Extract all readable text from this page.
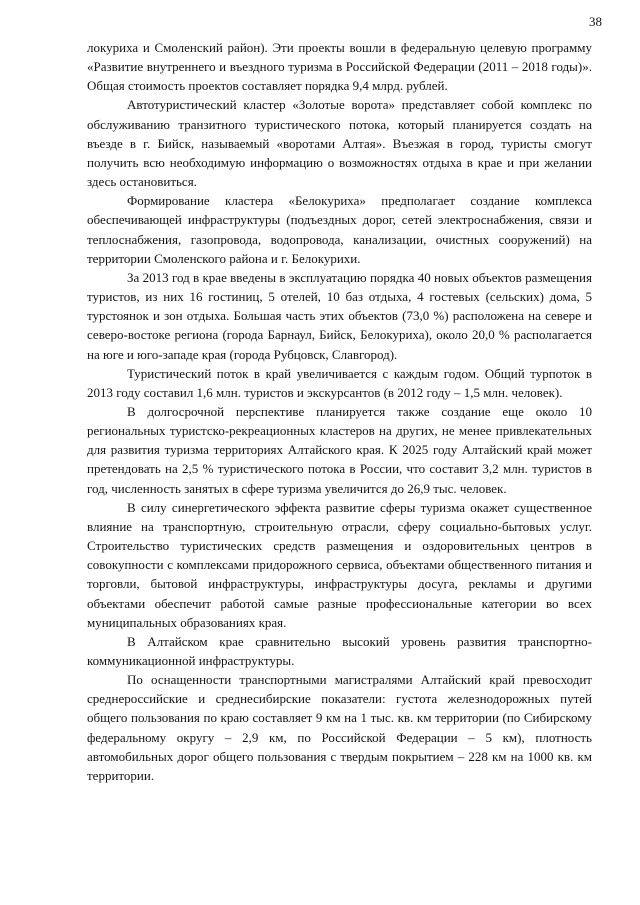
38

локуриха и Смоленский район). Эти проекты вошли в федеральную целевую программу «Развитие внутреннего и въездного туризма в Российской Федерации (2011 – 2018 годы)». Общая стоимость проектов составляет порядка 9,4 млрд. рублей.

Автотуристический кластер «Золотые ворота» представляет собой комплекс по обслуживанию транзитного туристического потока, который планируется создать на въезде в г. Бийск, называемый «воротами Алтая». Въезжая в город, туристы смогут получить всю необходимую информацию о возможностях отдыха в крае и при желании здесь остановиться.

Формирование кластера «Белокуриха» предполагает создание комплекса обеспечивающей инфраструктуры (подъездных дорог, сетей электроснабжения, связи и теплоснабжения, газопровода, водопровода, канализации, очистных сооружений) на территории Смоленского района и г. Белокурихи.

За 2013 год в крае введены в эксплуатацию порядка 40 новых объектов размещения туристов, из них 16 гостиниц, 5 отелей, 10 баз отдыха, 4 гостевых (сельских) дома, 5 турстоянок и зон отдыха. Большая часть этих объектов (73,0 %) расположена на севере и северо-востоке региона (города Барнаул, Бийск, Белокуриха), около 20,0 % располагается на юге и юго-западе края (города Рубцовск, Славгород).

Туристический поток в край увеличивается с каждым годом. Общий турпоток в 2013 году составил 1,6 млн. туристов и экскурсантов (в 2012 году – 1,5 млн. человек).

В долгосрочной перспективе планируется также создание еще около 10 региональных туристско-рекреационных кластеров на других, не менее привлекательных для развития туризма территориях Алтайского края. К 2025 году Алтайский край может претендовать на 2,5 % туристического потока в России, что составит 3,2 млн. туристов в год, численность занятых в сфере туризма увеличится до 26,9 тыс. человек.

В силу синергетического эффекта развитие сферы туризма окажет существенное влияние на транспортную, строительную отрасли, сферу социально-бытовых услуг. Строительство туристических средств размещения и оздоровительных центров в совокупности с комплексами придорожного сервиса, объектами общественного питания и торговли, бытовой инфраструктуры, инфраструктуры досуга, рекламы и другими объектами обеспечит работой самые разные профессиональные категории во всех муниципальных образованиях края.

В Алтайском крае сравнительно высокий уровень развития транспортно-коммуникационной инфраструктуры.

По оснащенности транспортными магистралями Алтайский край превосходит среднероссийские и среднесибирские показатели: густота железнодорожных путей общего пользования по краю составляет 9 км на 1 тыс. кв. км территории (по Сибирскому федеральному округу – 2,9 км, по Российской Федерации – 5 км), плотность автомобильных дорог общего пользования с твердым покрытием – 228 км на 1000 кв. км территории.
